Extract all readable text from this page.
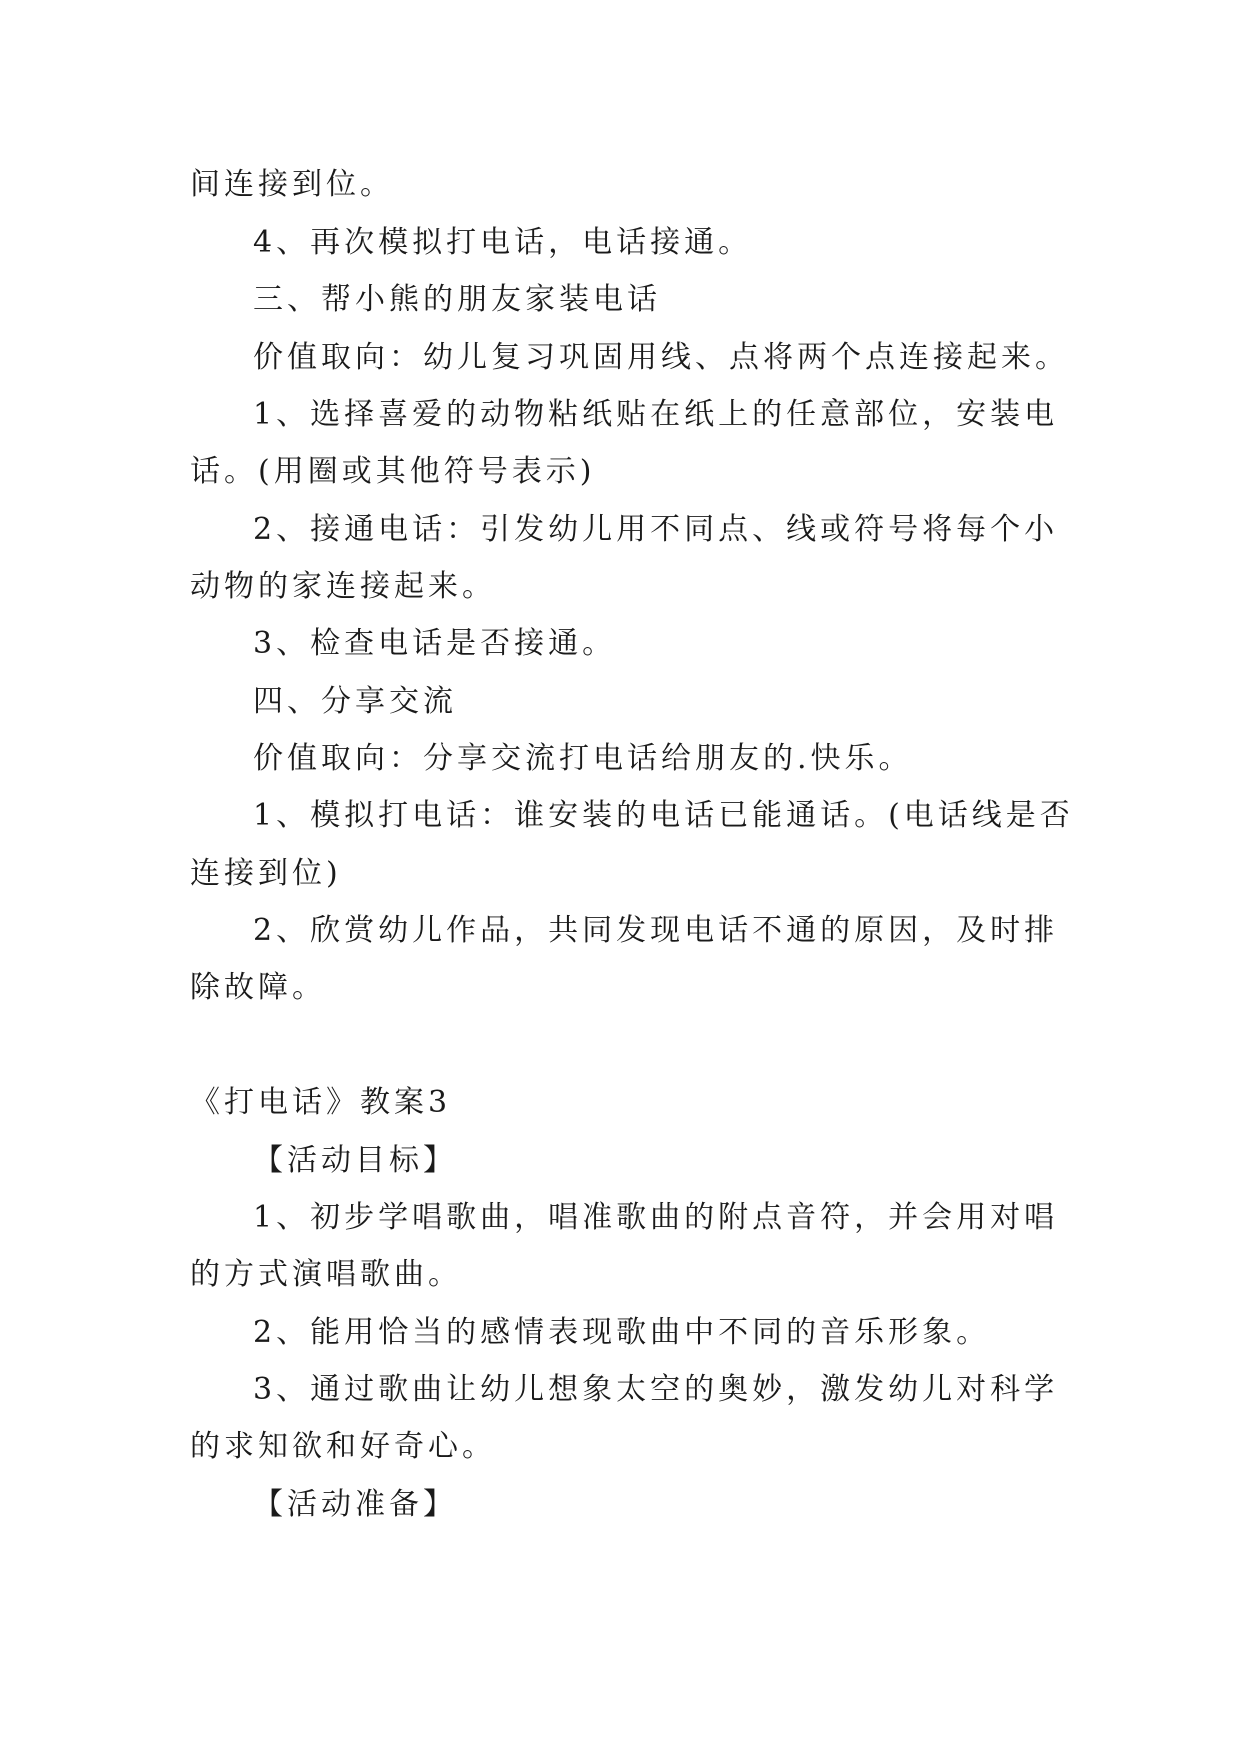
间连接到位。
4、再次模拟打电话，电话接通。
三、帮小熊的朋友家装电话
价值取向：幼儿复习巩固用线、点将两个点连接起来。
1、选择喜爱的动物粘纸贴在纸上的任意部位，安装电
话。(用圈或其他符号表示)
2、接通电话：引发幼儿用不同点、线或符号将每个小
动物的家连接起来。
3、检查电话是否接通。
四、分享交流
价值取向：分享交流打电话给朋友的.快乐。
1、模拟打电话：谁安装的电话已能通话。(电话线是否
连接到位)
2、欣赏幼儿作品，共同发现电话不通的原因，及时排
除故障。
《打电话》教案3
【活动目标】
1、初步学唱歌曲，唱准歌曲的附点音符，并会用对唱
的方式演唱歌曲。
2、能用恰当的感情表现歌曲中不同的音乐形象。
3、通过歌曲让幼儿想象太空的奥妙，激发幼儿对科学
的求知欲和好奇心。
【活动准备】
